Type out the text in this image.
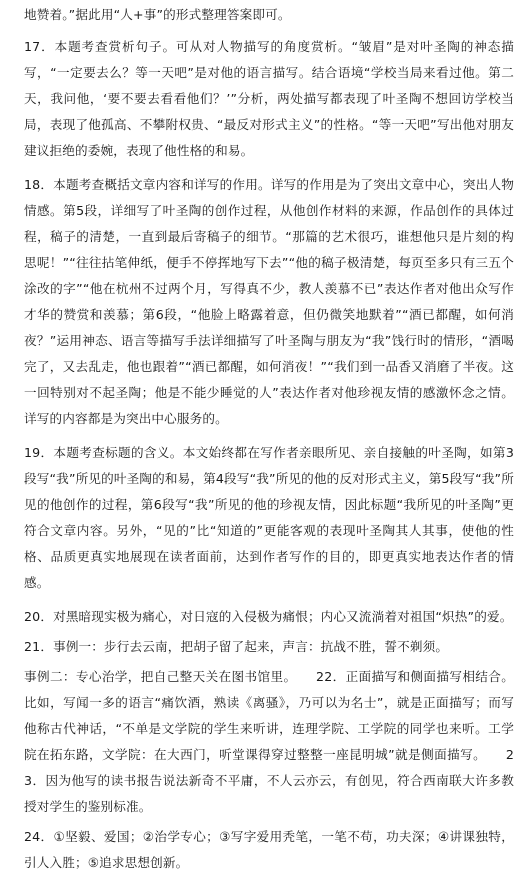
地赞着。”据此用“人+事”的形式整理答案即可。

17．本题考查赏析句子。可从对人物描写的角度赏析。“皱眉”是对叶圣陶的神态描写，“一定要去么？等一天吧”是对他的语言描写。结合语境“学校当局来看过他。第二天，我问他，‘要不要去看看他们？’”分析，两处描写都表现了叶圣陶不想回访学校当局，表现了他孤高、不攀附权贵、“最反对形式主义”的性格。“等一天吧”写出他对朋友建议拒绝的委婉，表现了他性格的和易。

18．本题考查概括文章内容和详写的作用。详写的作用是为了突出文章中心，突出人物情感。第5段，详细写了叶圣陶的创作过程，从他创作材料的来源，作品创作的具体过程，稿子的清楚，一直到最后寄稿子的细节。“那篇的艺术很巧，谁想他只是片刻的构思呢！”“往往拈笔伸纸，便手不停挥地写下去”“他的稿子极清楚，每页至多只有三五个涂改的字”“他在杭州不过两个月，写得真不少，教人羡慕不已”表达作者对他出众写作才华的赞赏和羡慕；第6段，“他脸上略露着意，但仍微笑地默着”“酒已都醒，如何消夜？”运用神态、语言等描写手法详细描写了叶圣陶与朋友为“我”饯行时的情形，“酒喝完了，又去乱走，他也跟着”“酒已都醒，如何消夜！”“我们到一品香又消磨了半夜。这一回特别对不起圣陶；他是不能少睡觉的人”表达作者对他珍视友情的感激怀念之情。详写的内容都是为突出中心服务的。

19．本题考查标题的含义。本文始终都在写作者亲眼所见、亲自接触的叶圣陶，如第3段写“我”所见的叶圣陶的和易，第4段写“我”所见的他的反对形式主义，第5段写“我”所见的他创作的过程，第6段写“我”所见的他的珍视友情，因此标题“我所见的叶圣陶”更符合文章内容。另外，“见的”比“知道的”更能客观的表现叶圣陶其人其事，使他的性格、品质更真实地展现在读者面前，达到作者写作的目的，即更真实地表达作者的情感。

20．对黑暗现实极为痛心，对日寇的入侵极为痛恨；内心又流淌着对祖国“炽热”的爱。

21．事例一：步行去云南，把胡子留了起来，声言：抗战不胜，誓不剃须。

事例二：专心治学，把自己整天关在图书馆里。　　22．正面描写和侧面描写相结合。比如，写闻一多的语言“痛饮酒，熟读《离骚》，乃可以为名士”，就是正面描写；而写他称古代神话，“不单是文学院的学生来听讲，连理学院、工学院的同学也来听。工学院在拓东路，文学院：在大西门，听堂课得穿过整整一座昆明城”就是侧面描写。　　23．因为他写的读书报告说法新奇不平庸，不人云亦云，有创见，符合西南联大许多教授对学生的鉴别标准。

24．①坚毅、爱国；②治学专心；③写字爱用秃笔，一笔不苟，功夫深；④讲课独特，引人入胜；⑤追求思想创新。
